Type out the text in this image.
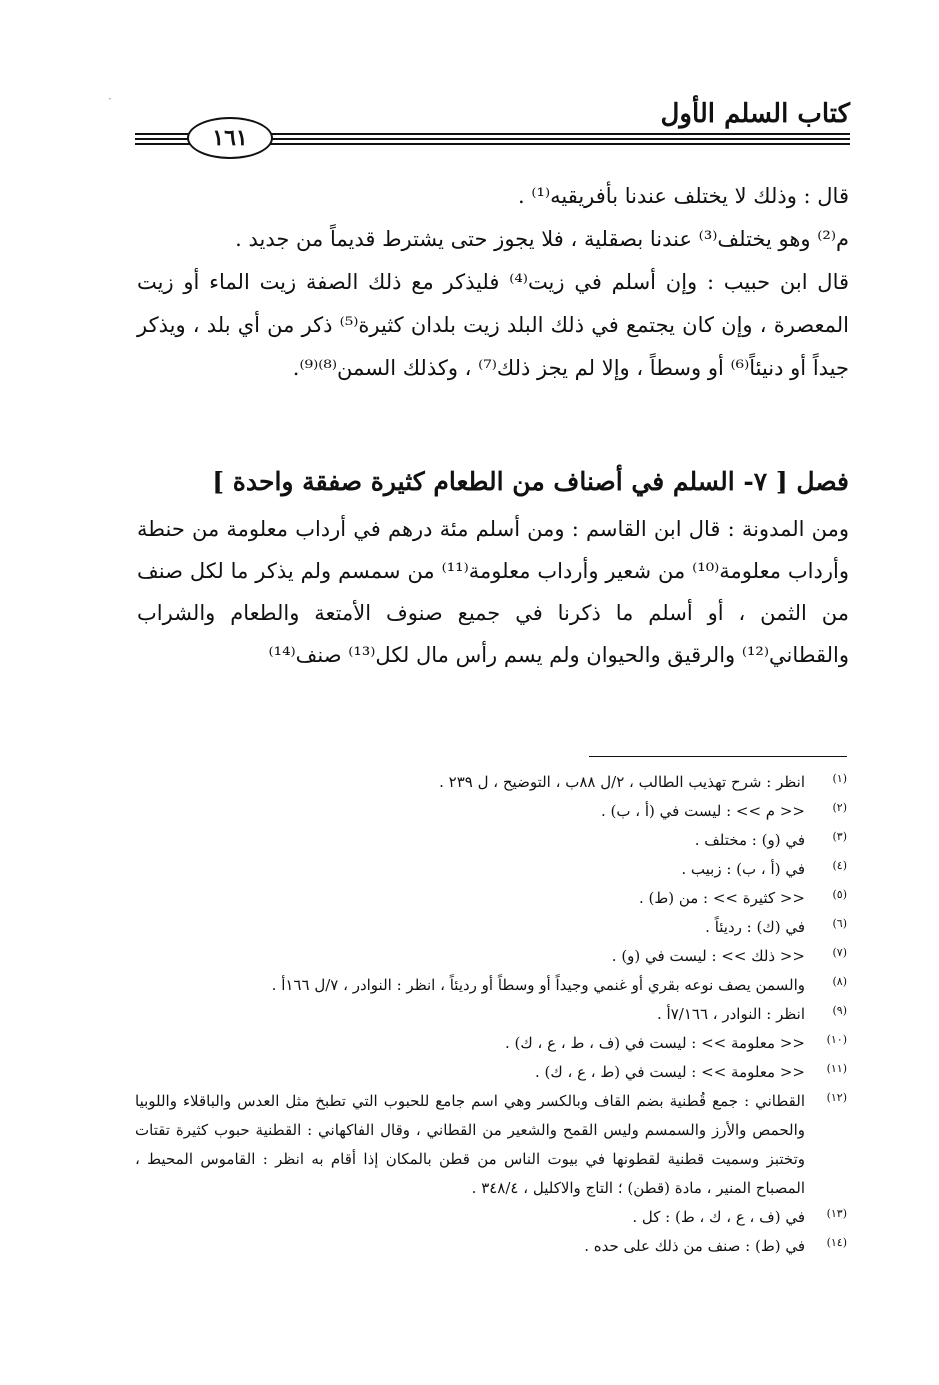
·	كتاب السلم الأول
١٦١

قال : وذلك لا يختلف عندنا بأفريقيه⁽¹⁾ .

م⁽²⁾ وهو يختلف⁽³⁾ عندنا بصقلية ، فلا يجوز حتى يشترط قديماً من جديد .

قال ابن حبيب : وإن أسلم في زيت⁽⁴⁾ فليذكر مع ذلك الصفة زيت الماء أو زيت المعصرة ، وإن كان يجتمع في ذلك البلد زيت بلدان كثيرة⁽⁵⁾ ذكر من أي بلد ، ويذكر جيداً أو دنيئاً⁽⁶⁾ أو وسطاً ، وإلا لم يجز ذلك⁽⁷⁾ ، وكذلك السمن⁽⁸⁾⁽⁹⁾.

فصل [ ٧- السلم في أصناف من الطعام كثيرة صفقة واحدة ]

ومن المدونة : قال ابن القاسم : ومن أسلم مئة درهم في أرداب معلومة من حنطة وأرداب معلومة⁽¹⁰⁾ من شعير وأرداب معلومة⁽¹¹⁾ من سمسم ولم يذكر ما لكل صنف من الثمن ، أو أسلم ما ذكرنا في جميع صنوف الأمتعة والطعام والشراب والقطاني⁽¹²⁾ والرقيق والحيوان ولم يسم رأس مال لكل⁽¹³⁾ صنف⁽¹⁴⁾

(١)
انظر : شرح تهذيب الطالب ، ٢/ل ٨٨ب ، التوضيح ، ل ٢٣٩ .
(٢)
<< م >> : ليست في (أ ، ب) .
(٣)
في (و) : مختلف .
(٤)
في (أ ، ب) : زبيب .
(٥)
<< كثيرة >> : من (ط) .
(٦)
في (ك) : رديئاً .
(٧)
<< ذلك >> : ليست في (و) .
(٨)
والسمن يصف نوعه بقري أو غنمي وجيداً أو وسطاً أو رديئاً ، انظر : النوادر ، ٧/ل ١٦٦أ .
(٩)
انظر : النوادر ، ٧/١٦٦أ .
(١٠)
<< معلومة >> : ليست في (ف ، ط ، ع ، ك) .
(١١)
<< معلومة >> : ليست في (ط ، ع ، ك) .
(١٢)
القطاني : جمع قُطنية بضم القاف وبالكسر وهي اسم جامع للحبوب التي تطبخ مثل العدس والباقلاء واللوبيا والحمص والأرز والسمسم وليس القمح والشعير من القطاني ، وقال الفاكهاني : القطنية حبوب كثيرة تقتات وتختبز وسميت قطنية لقطونها في بيوت الناس من قطن بالمكان إذا أقام به انظر : القاموس المحيط ، المصباح المنير ، مادة (قطن) ؛ التاج والاكليل ، ٣٤٨/٤ .
(١٣)
في (ف ، ع ، ك ، ط) : كل .
(١٤)
في (ط) : صنف من ذلك على حده .
